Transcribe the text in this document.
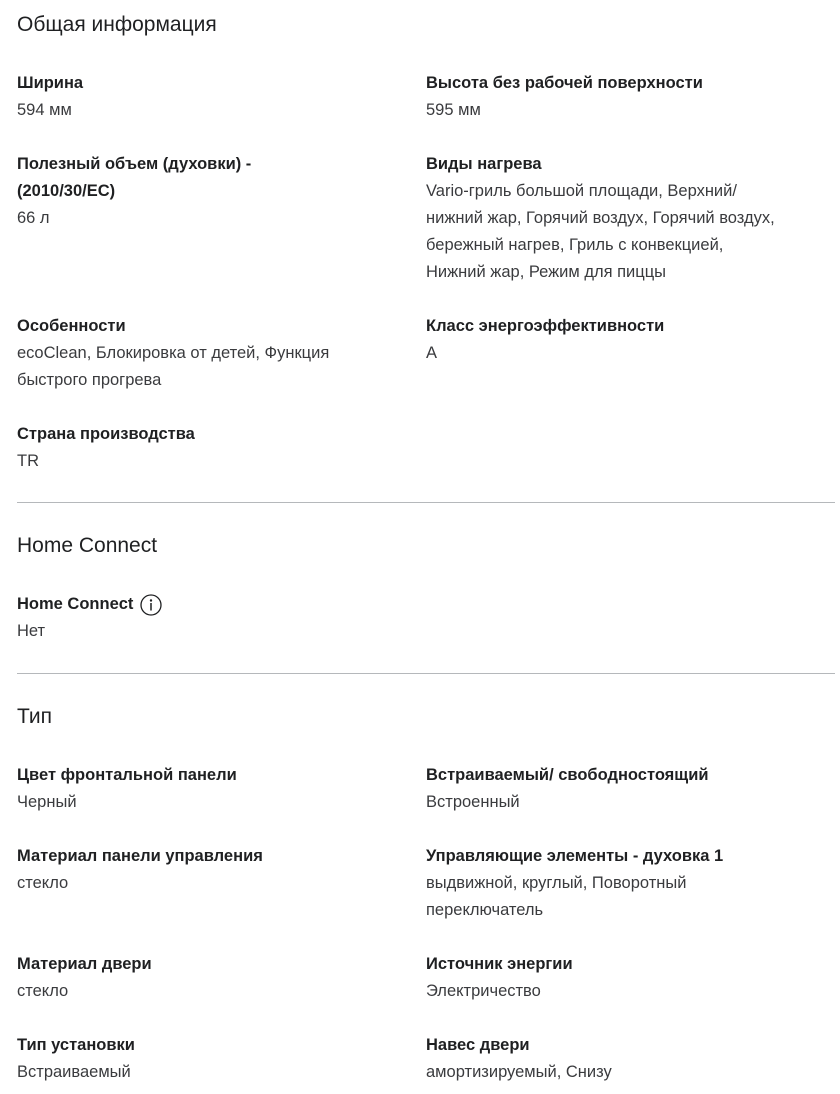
Общая информация

Ширина

594 мм

Высота без рабочей поверхности

595 мм

Полезный объем (духовки) -

(2010/30/EC)

66 л

Виды нагрева

Vario-гриль большой площади, Верхний/

нижний жар, Горячий воздух, Горячий воздух,

бережный нагрев, Гриль с конвекцией,

Нижний жар, Режим для пиццы

Особенности

ecoClean, Блокировка от детей, Функция

быстрого прогрева

Класс энергоэффективности

A

Страна производства

TR

Home Connect

Home Connect

Нет

Тип

Цвет фронтальной панели

Черный

Встраиваемый/ свободностоящий

Встроенный

Материал панели управления

стекло

Управляющие элементы - духовка 1

выдвижной, круглый, Поворотный

переключатель

Материал двери

стекло

Источник энергии

Электричество

Тип установки

Встраиваемый

Навес двери

амортизируемый, Снизу
